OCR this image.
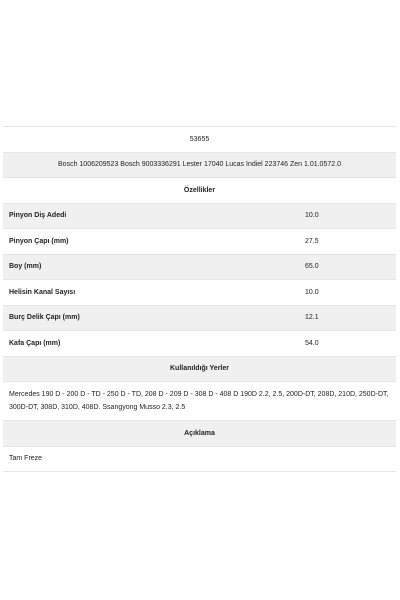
53655
Bosch 1006209523 Bosch 9003336291 Lester 17040 Lucas Indiel 223746 Zen 1.01.0572.0
Özellikler
Pinyon Diş Adedi	10.0
Pinyon Çapı (mm)	27.5
Boy (mm)	65.0
Helisin Kanal Sayısı	10.0
Burç Delik Çapı (mm)	12.1
Kafa Çapı (mm)	54.0
Kullanıldığı Yerler
Mercedes 190 D - 200 D - TD - 250 D - TD, 208 D - 209 D - 308 D - 408 D 190D 2.2, 2.5, 200D-DT, 208D, 210D, 250D-DT, 300D-DT, 308D, 310D, 408D. Ssangyong Musso 2.3, 2.5
Açıklama
Tam Freze
